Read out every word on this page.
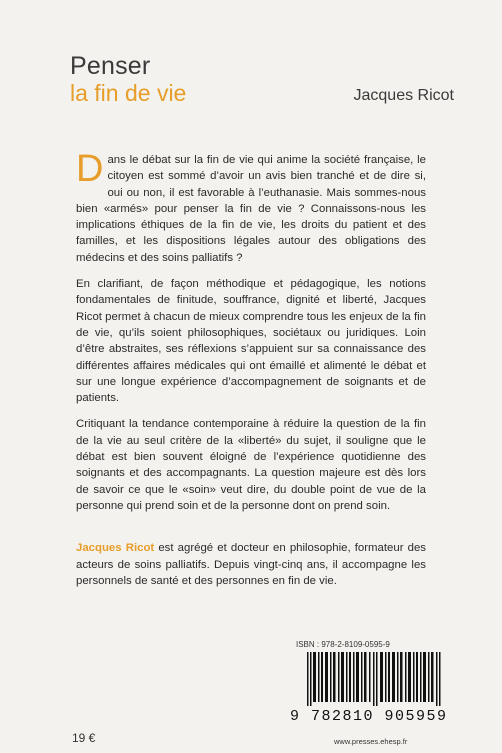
Penser
la fin de vie	Jacques Ricot

Dans le débat sur la fin de vie qui anime la société française, le citoyen est sommé d’avoir un avis bien tranché et de dire si, oui ou non, il est favorable à l’euthanasie. Mais sommes-nous bien «armés» pour penser la fin de vie ? Connaissons-nous les implications éthiques de la fin de vie, les droits du patient et des familles, et les dispositions légales autour des obligations des médecins et des soins palliatifs ?

En clarifiant, de façon méthodique et pédagogique, les notions fondamentales de finitude, souffrance, dignité et liberté, Jacques Ricot permet à chacun de mieux comprendre tous les enjeux de la fin de vie, qu’ils soient philosophiques, sociétaux ou juridiques. Loin d’être abstraites, ses réflexions s’appuient sur sa connaissance des différentes affaires médicales qui ont émaillé et alimenté le débat et sur une longue expérience d’accompagnement de soignants et de patients.

Critiquant la tendance contemporaine à réduire la question de la fin de la vie au seul critère de la «liberté» du sujet, il souligne que le débat est bien souvent éloigné de l’expérience quotidienne des soignants et des accompagnants. La question majeure est dès lors de savoir ce que le «soin» veut dire, du double point de vue de la personne qui prend soin et de la personne dont on prend soin.

Jacques Ricot est agrégé et docteur en philosophie, formateur des acteurs de soins palliatifs. Depuis vingt-cinq ans, il accompagne les personnels de santé et des personnes en fin de vie.

ISBN : 978-2-8109-0595-9
9 782810 905959
19 €	www.presses.ehesp.fr
